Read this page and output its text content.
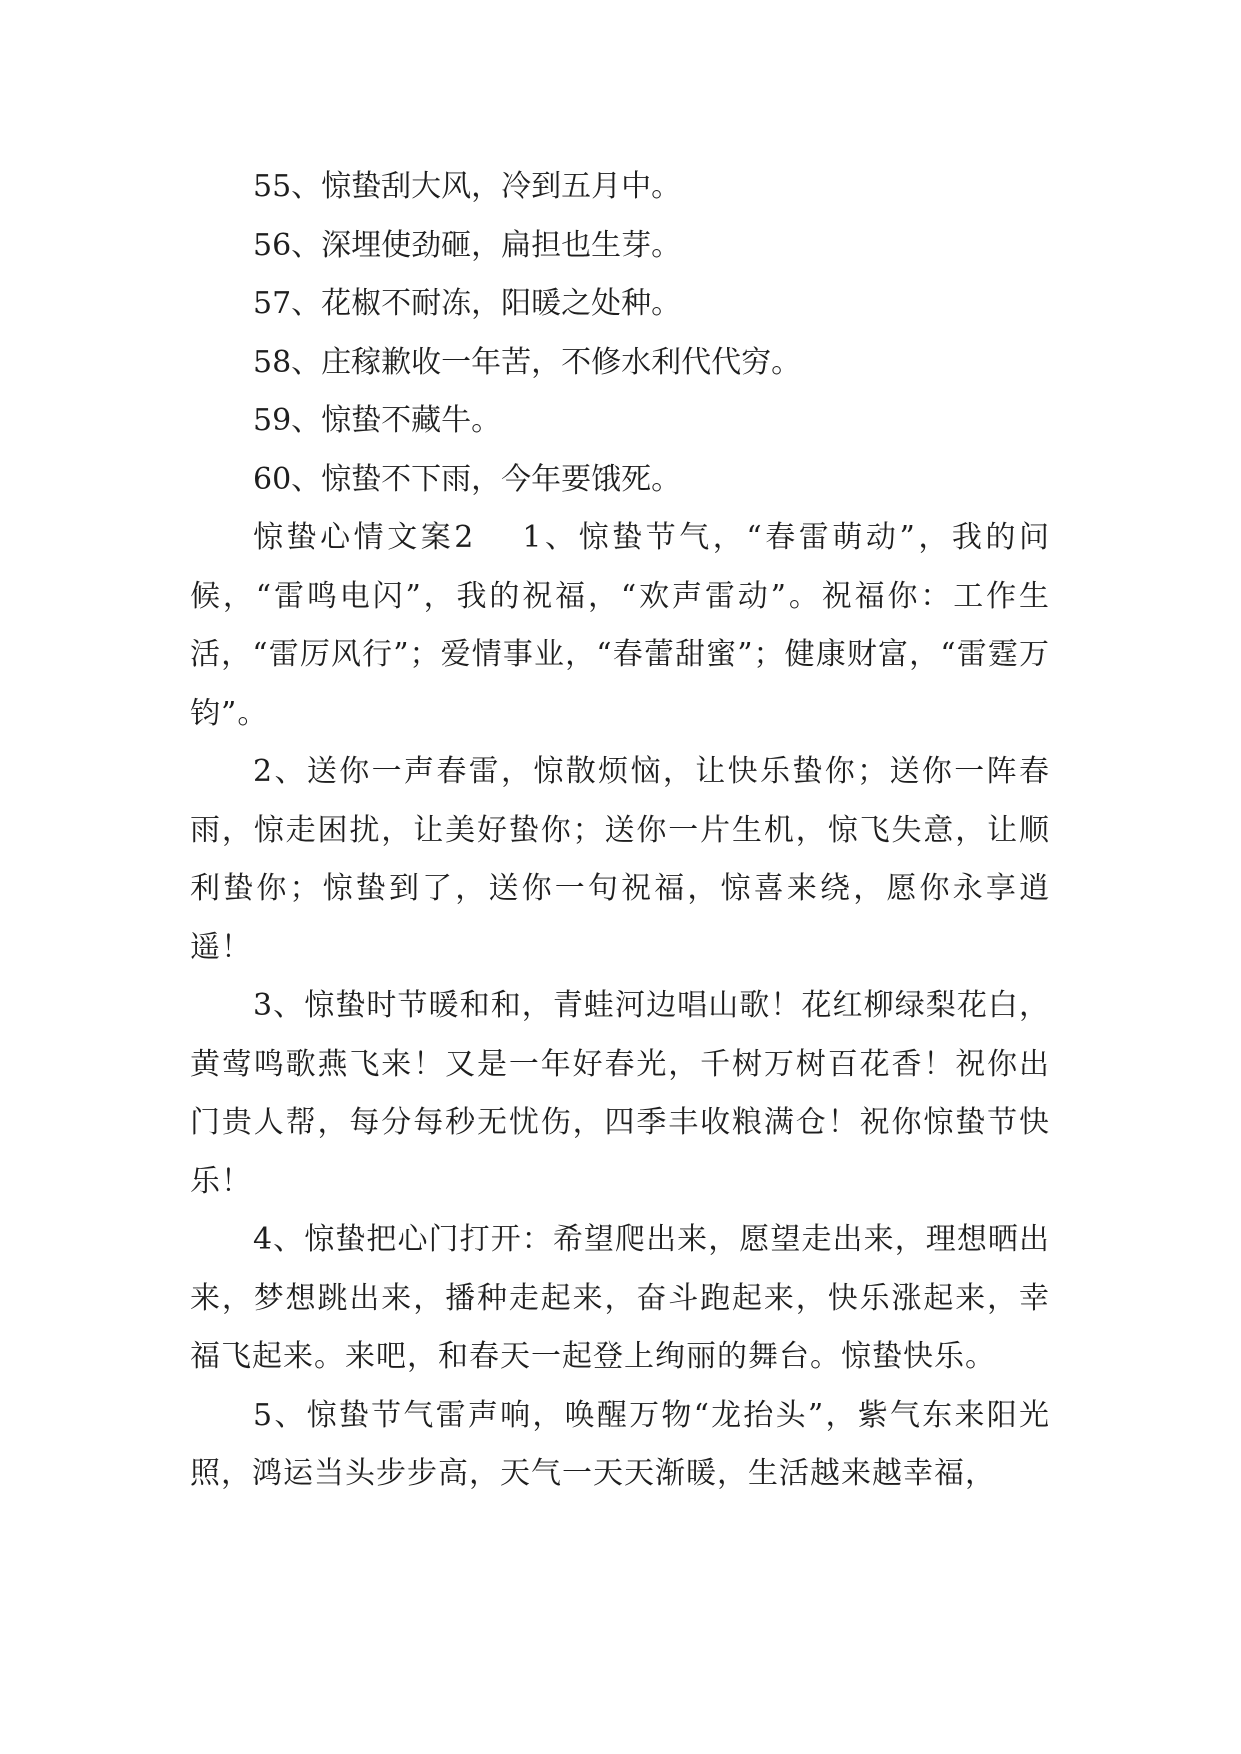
55、惊蛰刮大风，冷到五月中。

56、深埋使劲砸，扁担也生芽。

57、花椒不耐冻，阳暖之处种。

58、庄稼歉收一年苦，不修水利代代穷。

59、惊蛰不藏牛。

60、惊蛰不下雨，今年要饿死。

惊蛰心情文案2 1、惊蛰节气，“春雷萌动”，我的问候，“雷鸣电闪”，我的祝福，“欢声雷动”。祝福你：工作生活，“雷厉风行”；爱情事业，“春蕾甜蜜”；健康财富，“雷霆万钧”。

2、送你一声春雷，惊散烦恼，让快乐蛰你；送你一阵春雨，惊走困扰，让美好蛰你；送你一片生机，惊飞失意，让顺利蛰你；惊蛰到了，送你一句祝福，惊喜来绕，愿你永享逍遥！

3、惊蛰时节暖和和，青蛙河边唱山歌！花红柳绿梨花白，黄莺鸣歌燕飞来！又是一年好春光，千树万树百花香！祝你出门贵人帮，每分每秒无忧伤，四季丰收粮满仓！祝你惊蛰节快乐！

4、惊蛰把心门打开：希望爬出来，愿望走出来，理想晒出来，梦想跳出来，播种走起来，奋斗跑起来，快乐涨起来，幸福飞起来。来吧，和春天一起登上绚丽的舞台。惊蛰快乐。

5、惊蛰节气雷声响，唤醒万物“龙抬头”，紫气东来阳光照，鸿运当头步步高，天气一天天渐暖，生活越来越幸福，
